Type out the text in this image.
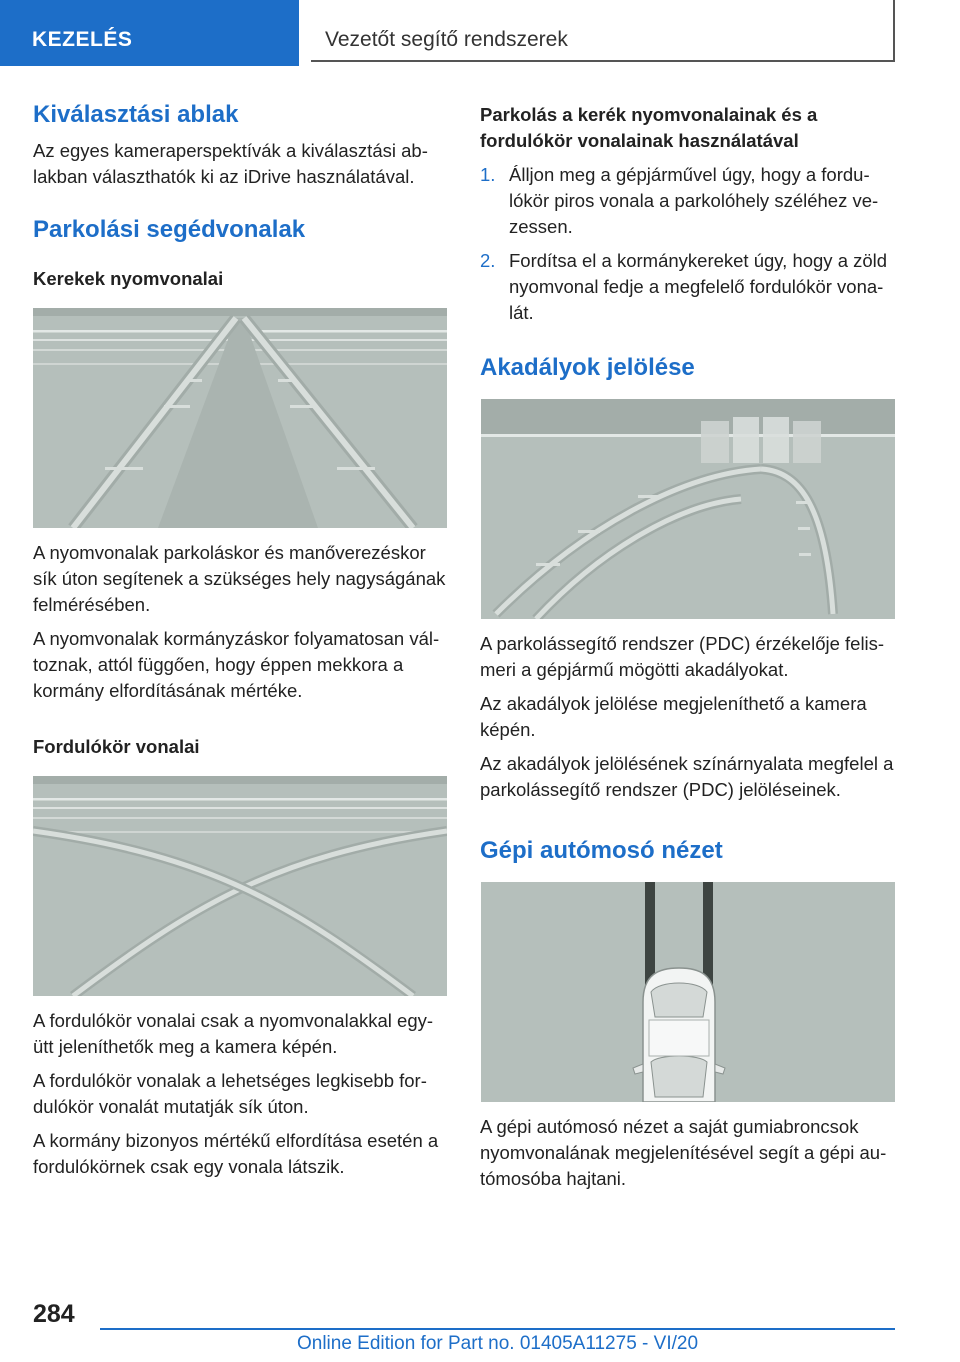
KEZELÉS	Vezetőt segítő rendszerek
Kiválasztási ablak

Az egyes kameraperspektívák a kiválasztási ablakban választhatók ki az iDrive használatával.

Parkolási segédvonalak
Kerekek nyomvonalai

A nyomvonalak parkoláskor és manőverezéskor sík úton segítenek a szükséges hely nagyságának felmérésében.

A nyomvonalak kormányzáskor folyamatosan változnak, attól függően, hogy éppen mekkora a kormány elfordításának mértéke.

Fordulókör vonalai

A fordulókör vonalai csak a nyomvonalakkal együtt jeleníthetők meg a kamera képén.

A fordulókör vonalak a lehetséges legkisebb fordulókör vonalát mutatják sík úton.

A kormány bizonyos mértékű elfordítása esetén a fordulókörnek csak egy vonala látszik.

Parkolás a kerék nyomvonalainak és a fordulókör vonalainak használatával
1. Álljon meg a gépjárművel úgy, hogy a fordulókör piros vonala a parkolóhely széléhez vezessen.
2. Fordítsa el a kormánykereket úgy, hogy a zöld nyomvonal fedje a megfelelő fordulókör vonalát.
Akadályok jelölése

A parkolássegítő rendszer (PDC) érzékelője felismeri a gépjármű mögötti akadályokat.

Az akadályok jelölése megjeleníthető a kamera képén.

Az akadályok jelölésének színárnyalata megfelel a parkolássegítő rendszer (PDC) jelöléseinek.

Gépi autómosó nézet

A gépi autómosó nézet a saját gumiabroncsok nyomvonalának megjelenítésével segít a gépi autómosóba hajtani.

284
Online Edition for Part no. 01405A11275 - VI/20
